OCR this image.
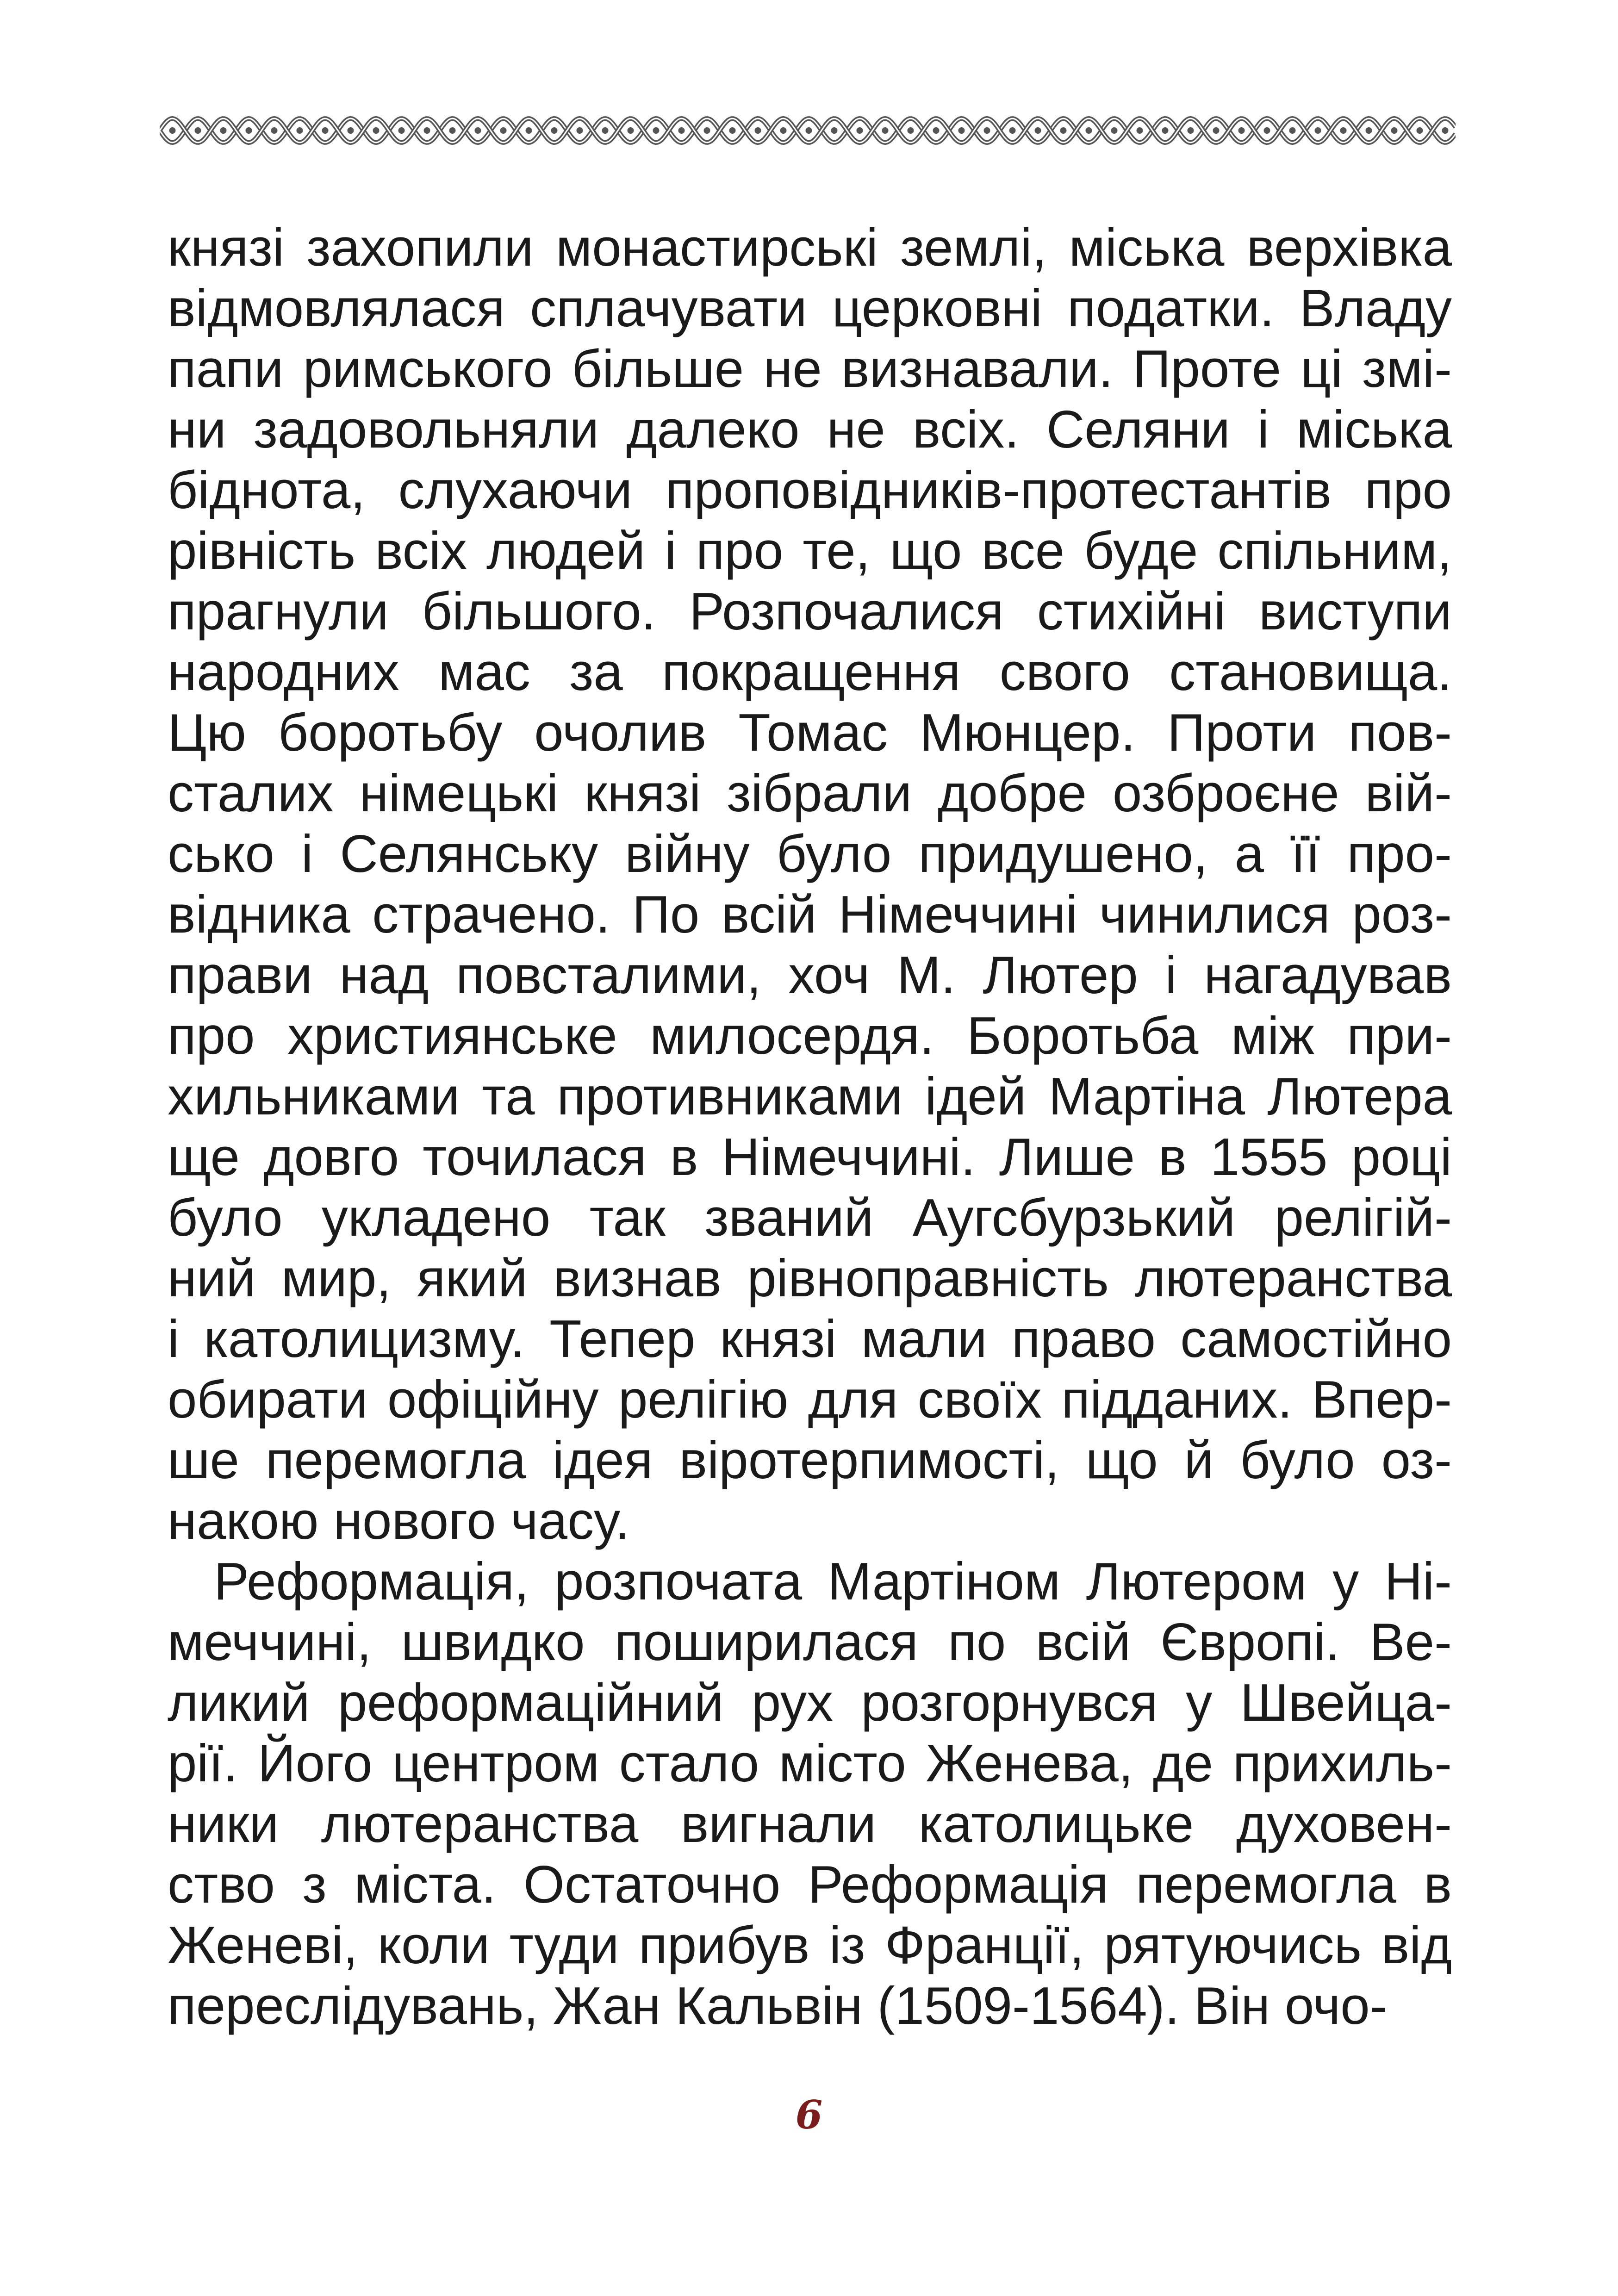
князі захопили монастирські землі, міська верхівка
відмовлялася сплачувати церковні податки. Владу
папи римського більше не визнавали. Проте ці змі-
ни задовольняли далеко не всіх. Селяни і міська
біднота, слухаючи проповідників-протестантів про
рівність всіх людей і про те, що все буде спільним,
прагнули більшого. Розпочалися стихійні виступи
народних мас за покращення свого становища.
Цю боротьбу очолив Томас Мюнцер. Проти пов-
сталих німецькі князі зібрали добре озброєне вій-
сько і Селянську війну було придушено, а її про-
відника страчено. По всій Німеччині чинилися роз-
прави над повсталими, хоч М. Лютер і нагадував
про християнське милосердя. Боротьба між при-
хильниками та противниками ідей Мартіна Лютера
ще довго точилася в Німеччині. Лише в 1555 році
було укладено так званий Аугсбурзький релігій-
ний мир, який визнав рівноправність лютеранства
і католицизму. Тепер князі мали право самостійно
обирати офіційну релігію для своїх підданих. Впер-
ше перемогла ідея віротерпимості, що й було оз-
накою нового часу.
Реформація, розпочата Мартіном Лютером у Ні-
меччині, швидко поширилася по всій Європі. Ве-
ликий реформаційний рух розгорнувся у Швейца-
рії. Його центром стало місто Женева, де прихиль-
ники лютеранства вигнали католицьке духовен-
ство з міста. Остаточно Реформація перемогла в
Женеві, коли туди прибув із Франції, рятуючись від
переслідувань, Жан Кальвін (1509-1564). Він очо-
6
